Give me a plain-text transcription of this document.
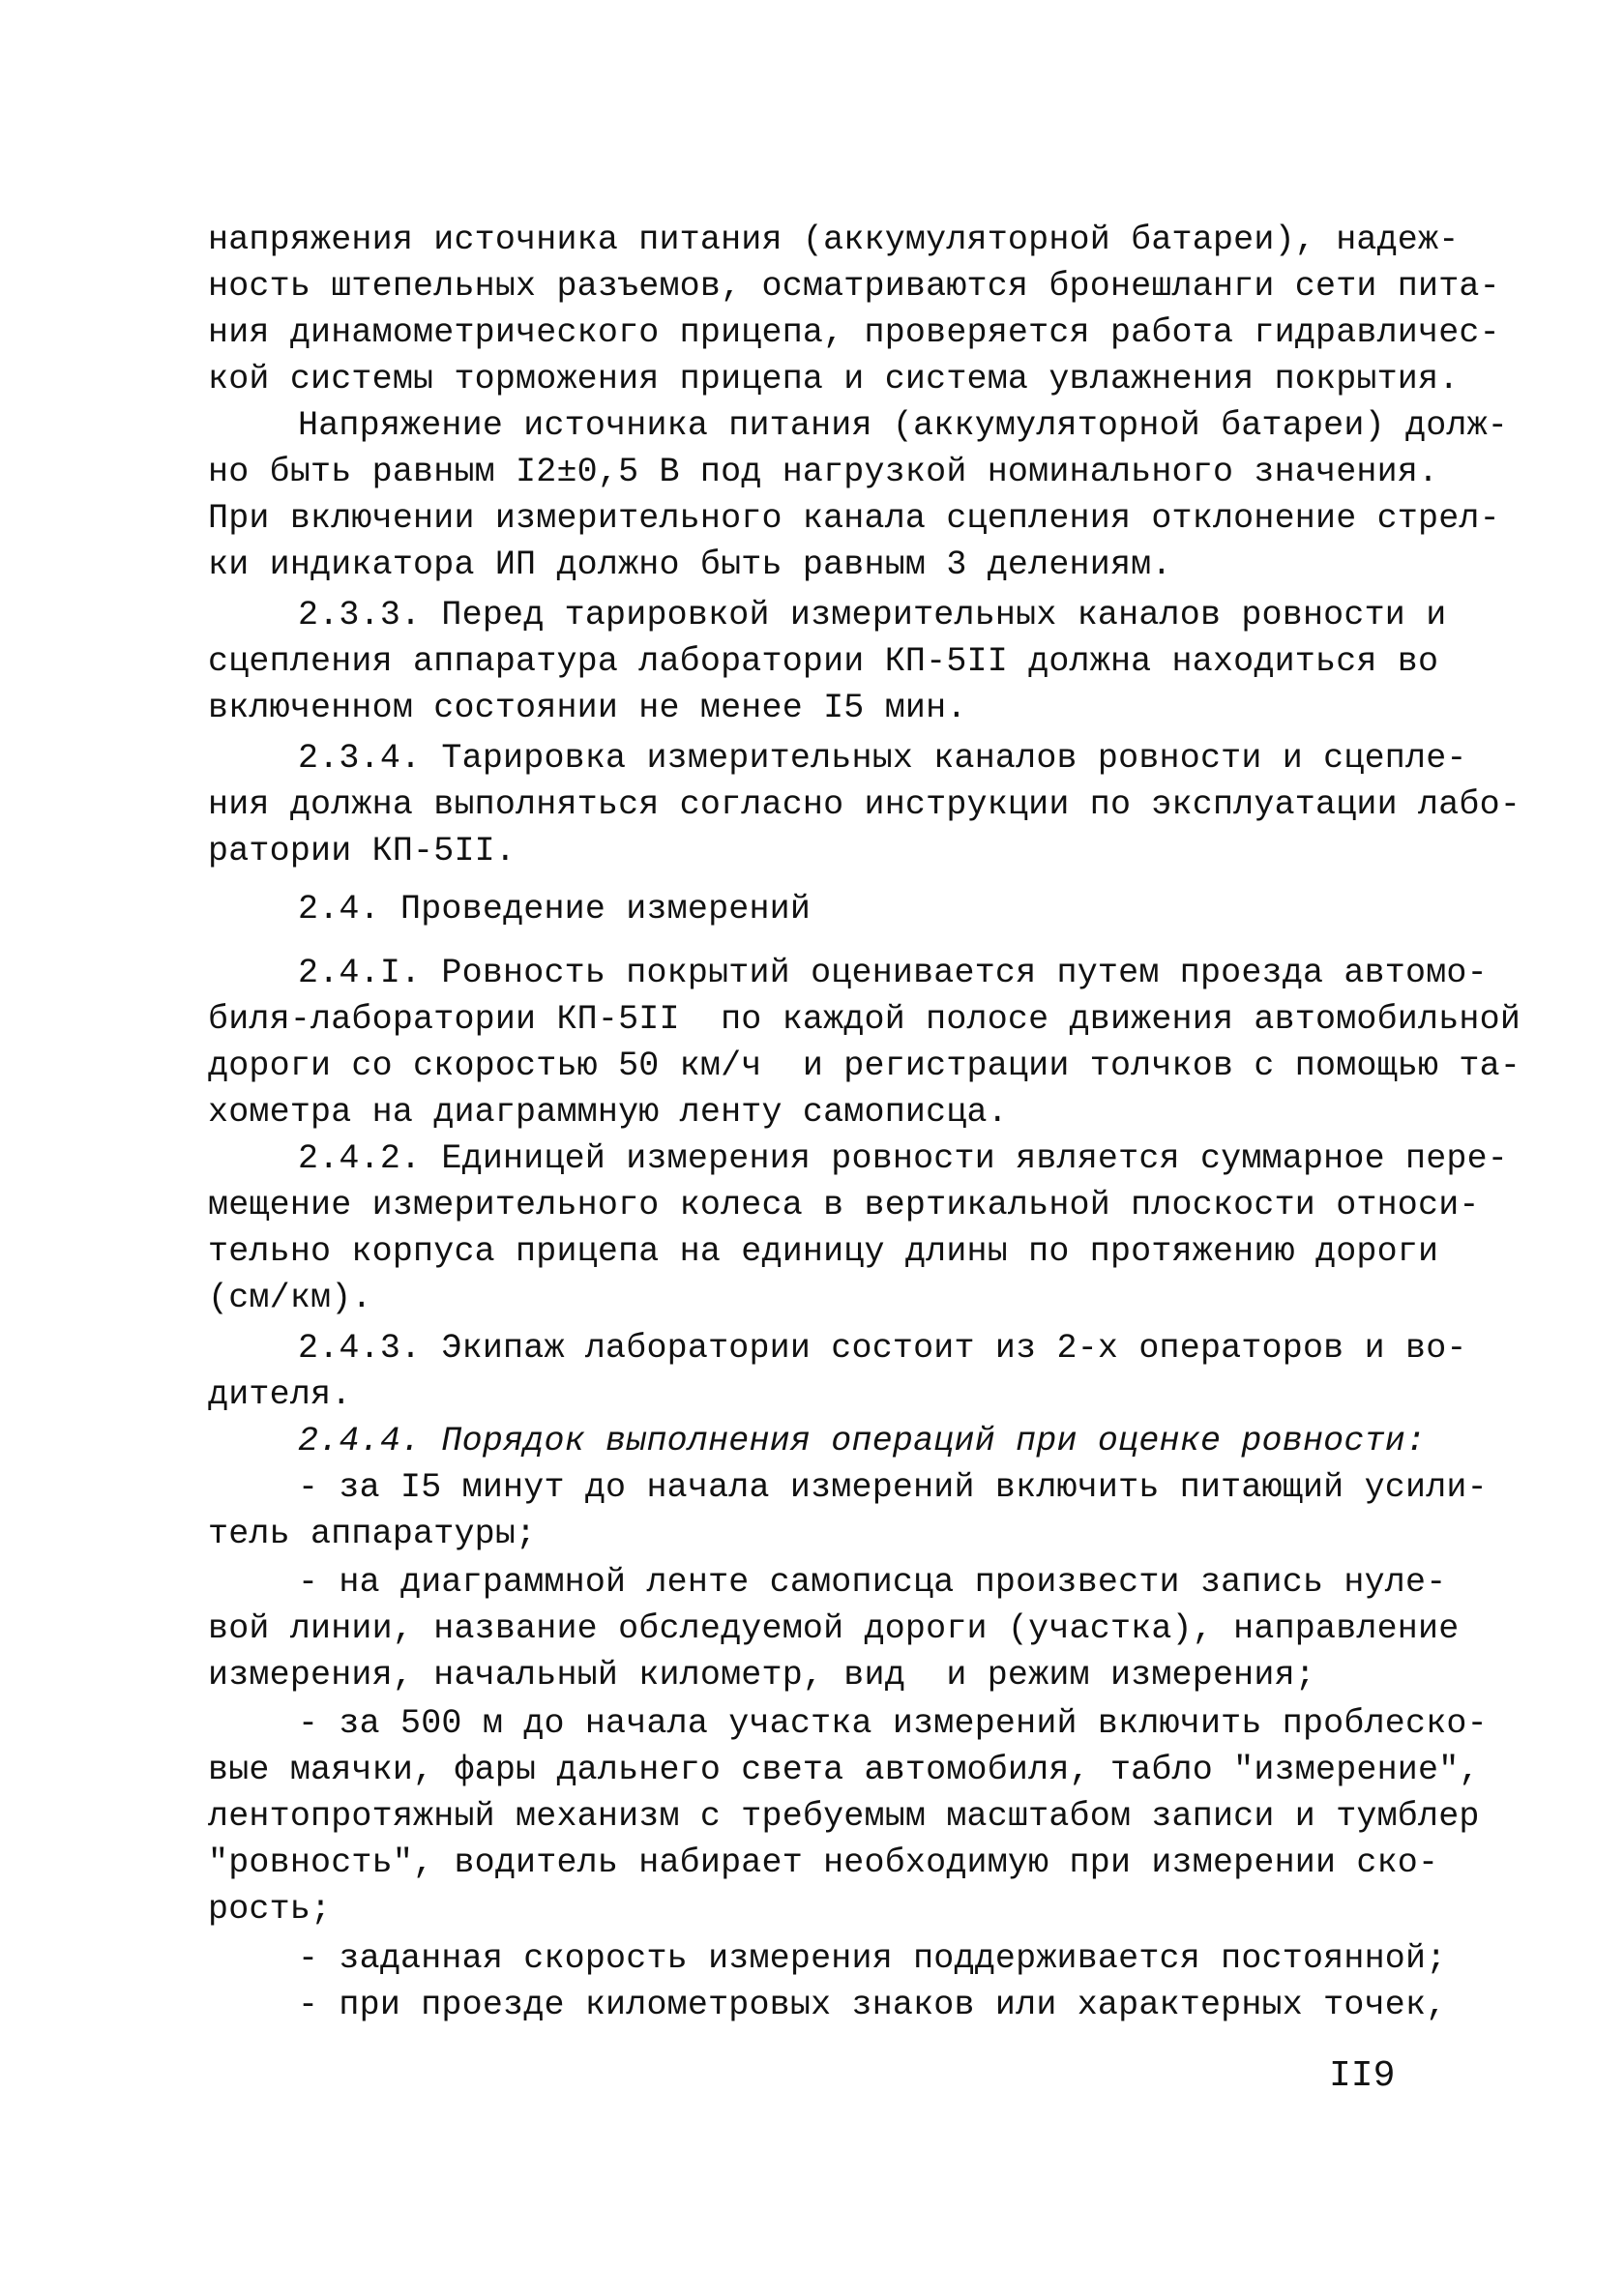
напряжения источника питания (аккумуляторной батареи), надеж-
ность штепельных разъемов, осматриваются бронешланги сети пита-
ния динамометрического прицепа, проверяется работа гидравличес-
кой системы торможения прицепа и система увлажнения покрытия.
Напряжение источника питания (аккумуляторной батареи) долж-
но быть равным I2±0,5 В под нагрузкой номинального значения.
При включении измерительного канала сцепления отклонение стрел-
ки индикатора ИП должно быть равным 3 делениям.
2.3.3. Перед тарировкой измерительных каналов ровности и
сцепления аппаратура лаборатории КП-5II должна находиться во
включенном состоянии не менее I5 мин.
2.3.4. Тарировка измерительных каналов ровности и сцепле-
ния должна выполняться согласно инструкции по эксплуатации лабо-
ратории КП-5II.
2.4. Проведение измерений
2.4.I. Ровность покрытий оценивается путем проезда автомо-
биля-лаборатории КП-5II  по каждой полосе движения автомобильной
дороги со скоростью 50 км/ч  и регистрации толчков с помощью та-
хометра на диаграммную ленту самописца.
2.4.2. Единицей измерения ровности является суммарное пере-
мещение измерительного колеса в вертикальной плоскости относи-
тельно корпуса прицепа на единицу длины по протяжению дороги
(см/км).
2.4.3. Экипаж лаборатории состоит из 2-х операторов и во-
дителя.
2.4.4. Порядок выполнения операций при оценке ровности:
- за I5 минут до начала измерений включить питающий усили-
тель аппаратуры;
- на диаграммной ленте самописца произвести запись нуле-
вой линии, название обследуемой дороги (участка), направление
измерения, начальный километр, вид  и режим измерения;
- за 500 м до начала участка измерений включить проблеско-
вые маячки, фары дальнего света автомобиля, табло "измерение",
лентопротяжный механизм с требуемым масштабом записи и тумблер
"ровность", водитель набирает необходимую при измерении ско-
рость;
- заданная скорость измерения поддерживается постоянной;
- при проезде километровых знаков или характерных точек,
II9
